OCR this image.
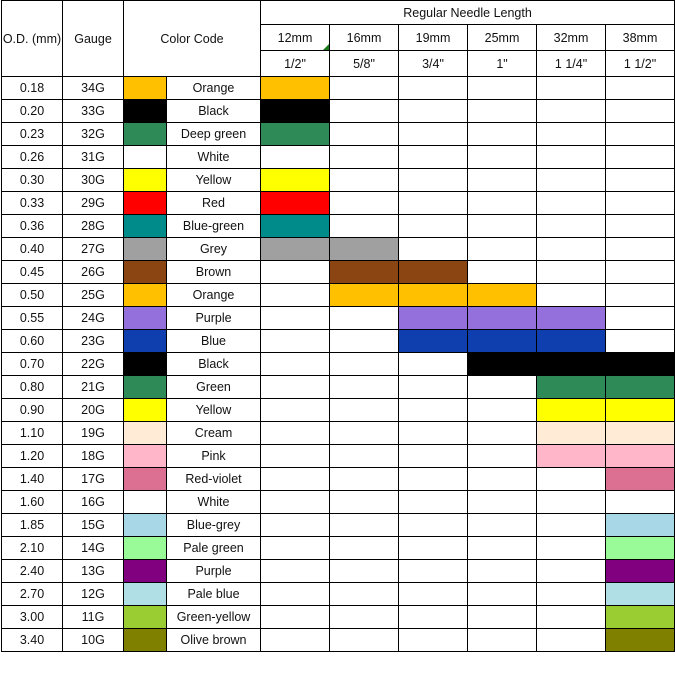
O.D. (mm)	Gauge	Color Code		Regular Needle Length					
				12mm	16mm	19mm	25mm	32mm	38mm
				1/2"	5/8"	3/4"	1"	1 1/4"	1 1/2"
0.18	34G		Orange						
0.20	33G		Black						
0.23	32G		Deep green						
0.26	31G		White						
0.30	30G		Yellow						
0.33	29G		Red						
0.36	28G		Blue-green						
0.40	27G		Grey						
0.45	26G		Brown						
0.50	25G		Orange						
0.55	24G		Purple						
0.60	23G		Blue						
0.70	22G		Black						
0.80	21G		Green						
0.90	20G		Yellow						
1.10	19G		Cream						
1.20	18G		Pink						
1.40	17G		Red-violet						
1.60	16G		White						
1.85	15G		Blue-grey						
2.10	14G		Pale green						
2.40	13G		Purple						
2.70	12G		Pale blue						
3.00	11G		Green-yellow						
3.40	10G		Olive brown						
